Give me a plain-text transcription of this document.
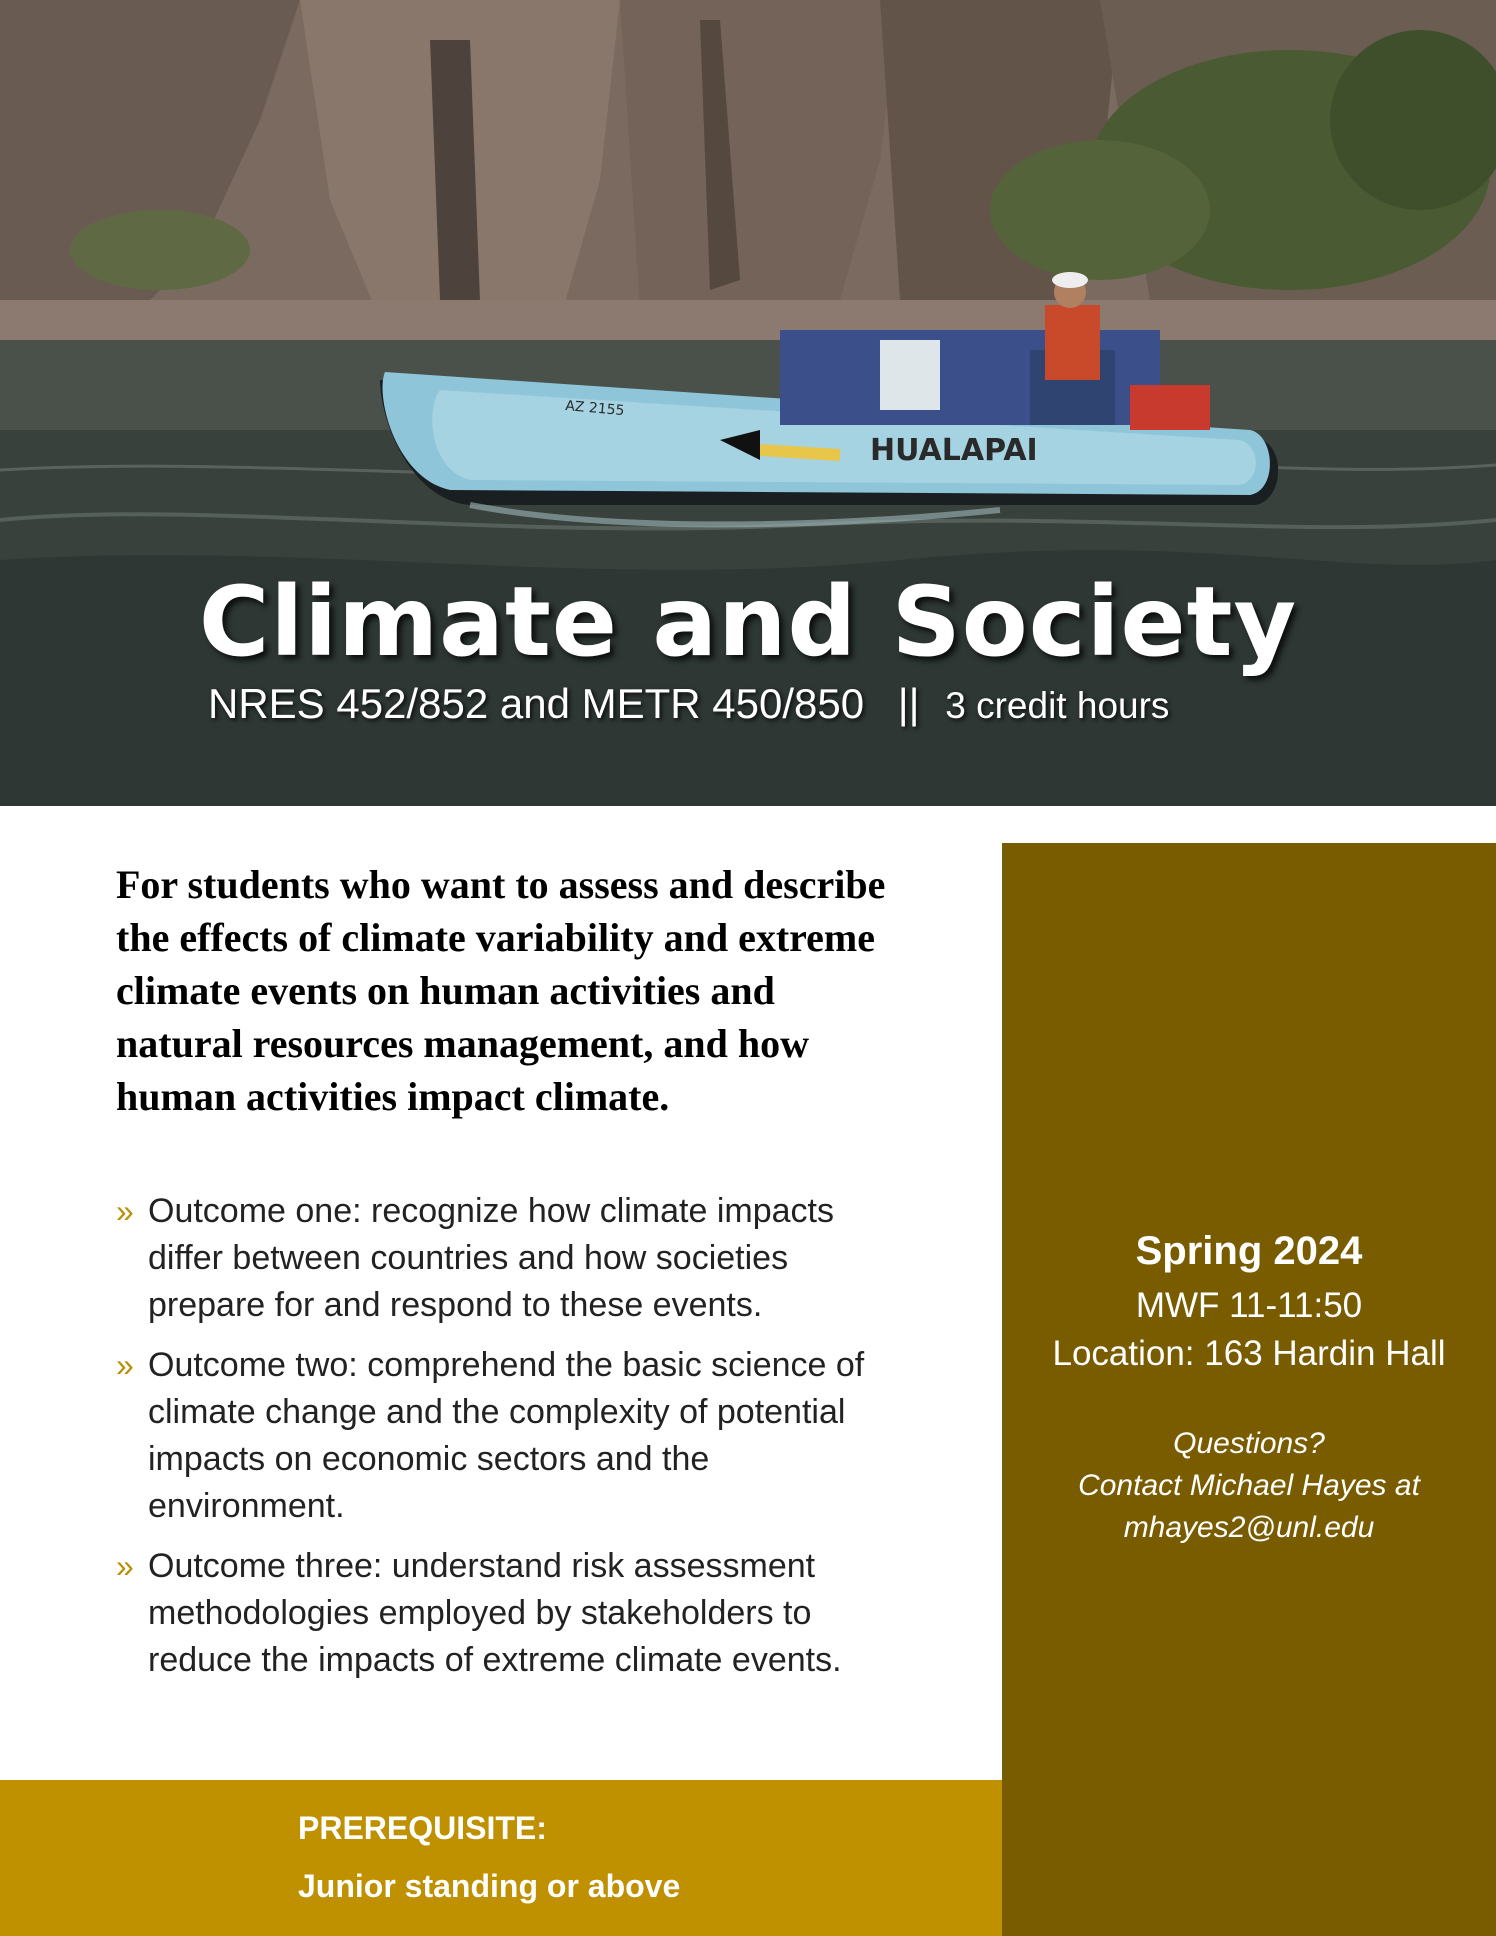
HUALAPAI
AZ 2155
Climate and Society
NRES 452/852 and METR 450/850 || 3 credit hours
For students who want to assess and describe the effects of climate variability and extreme climate events on human activities and natural resources management, and how human activities impact climate.
» Outcome one: recognize how climate impacts differ between countries and how societies prepare for and respond to these events.
» Outcome two: comprehend the basic science of climate change and the complexity of potential impacts on economic sectors and the environment.
» Outcome three: understand risk assessment methodologies employed by stakeholders to reduce the impacts of extreme climate events.
Spring 2024
MWF 11-11:50
Location: 163 Hardin Hall
Questions?
Contact Michael Hayes at
mhayes2@unl.edu
PREREQUISITE:
Junior standing or above
